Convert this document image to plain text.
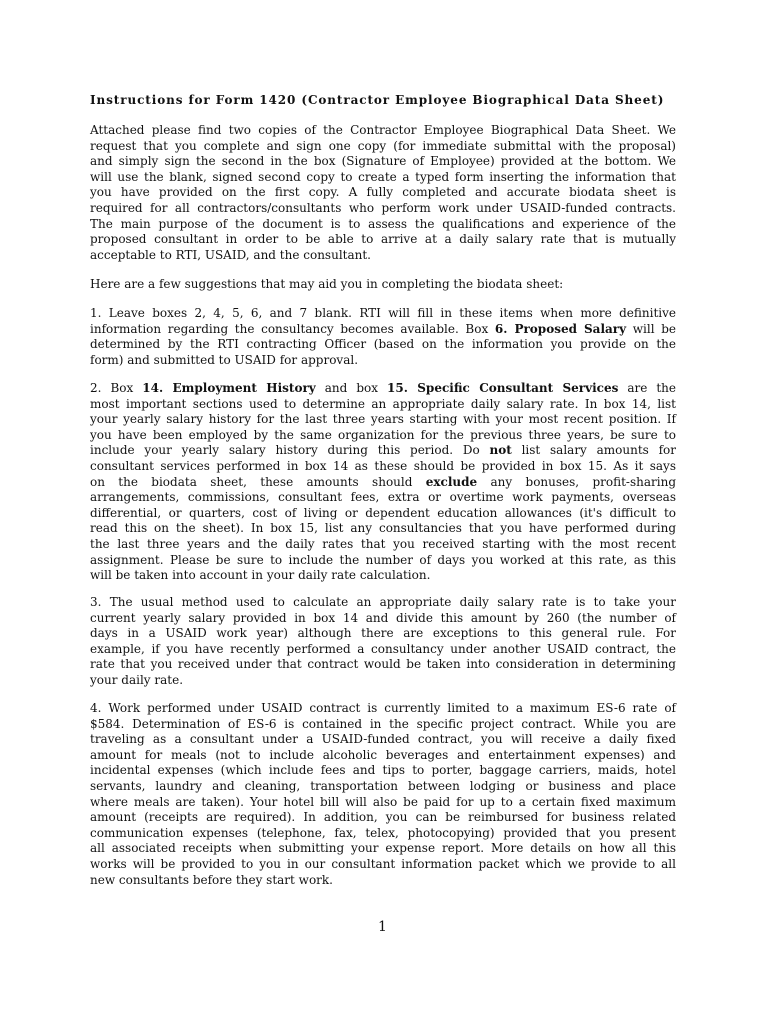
Instructions for Form 1420 (Contractor Employee Biographical Data Sheet)
Attached please find two copies of the Contractor Employee Biographical Data Sheet. We
request that you complete and sign one copy (for immediate submittal with the proposal)
and simply sign the second in the box (Signature of Employee) provided at the bottom. We
will use the blank, signed second copy to create a typed form inserting the information that
you have provided on the first copy. A fully completed and accurate biodata sheet is
required for all contractors/consultants who perform work under USAID-funded contracts.
The main purpose of the document is to assess the qualifications and experience of the
proposed consultant in order to be able to arrive at a daily salary rate that is mutually
acceptable to RTI, USAID, and the consultant.
Here are a few suggestions that may aid you in completing the biodata sheet:
1. Leave boxes 2, 4, 5, 6, and 7 blank. RTI will fill in these items when more definitive
information regarding the consultancy becomes available. Box 6. Proposed Salary will be
determined by the RTI contracting Officer (based on the information you provide on the
form) and submitted to USAID for approval.
2. Box 14. Employment History and box 15. Specific Consultant Services are the
most important sections used to determine an appropriate daily salary rate. In box 14, list
your yearly salary history for the last three years starting with your most recent position. If
you have been employed by the same organization for the previous three years, be sure to
include your yearly salary history during this period. Do not list salary amounts for
consultant services performed in box 14 as these should be provided in box 15. As it says
on the biodata sheet, these amounts should exclude any bonuses, profit-sharing
arrangements, commissions, consultant fees, extra or overtime work payments, overseas
differential, or quarters, cost of living or dependent education allowances (it's difficult to
read this on the sheet). In box 15, list any consultancies that you have performed during
the last three years and the daily rates that you received starting with the most recent
assignment. Please be sure to include the number of days you worked at this rate, as this
will be taken into account in your daily rate calculation.
3. The usual method used to calculate an appropriate daily salary rate is to take your
current yearly salary provided in box 14 and divide this amount by 260 (the number of
days in a USAID work year) although there are exceptions to this general rule. For
example, if you have recently performed a consultancy under another USAID contract, the
rate that you received under that contract would be taken into consideration in determining
your daily rate.
4. Work performed under USAID contract is currently limited to a maximum ES-6 rate of
$584. Determination of ES-6 is contained in the specific project contract. While you are
traveling as a consultant under a USAID-funded contract, you will receive a daily fixed
amount for meals (not to include alcoholic beverages and entertainment expenses) and
incidental expenses (which include fees and tips to porter, baggage carriers, maids, hotel
servants, laundry and cleaning, transportation between lodging or business and place
where meals are taken). Your hotel bill will also be paid for up to a certain fixed maximum
amount (receipts are required). In addition, you can be reimbursed for business related
communication expenses (telephone, fax, telex, photocopying) provided that you present
all associated receipts when submitting your expense report. More details on how all this
works will be provided to you in our consultant information packet which we provide to all
new consultants before they start work.
1
